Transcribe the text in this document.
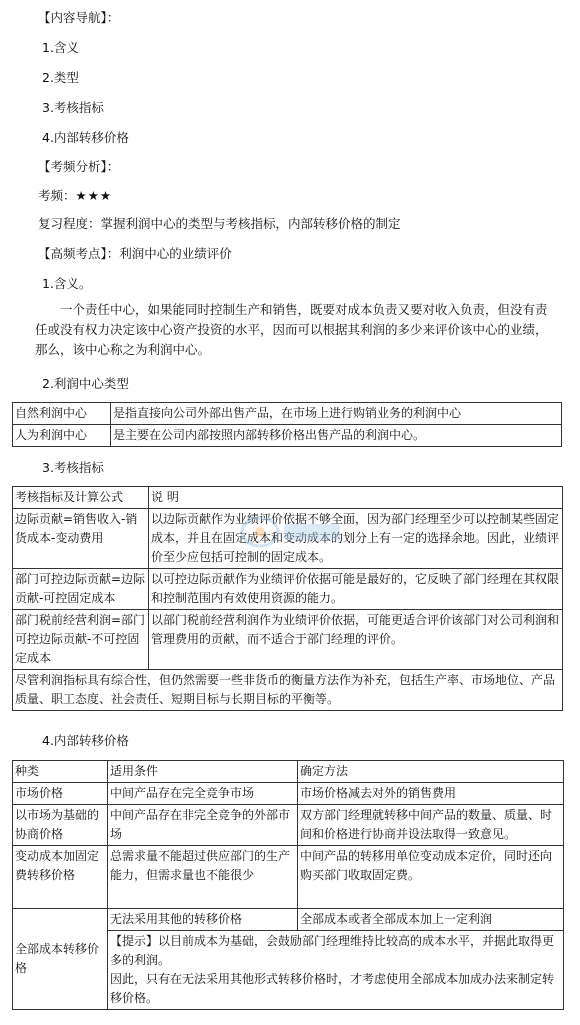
【内容导航】：
1.含义
2.类型
3.考核指标
4.内部转移价格
【考频分析】：
考频：★★★
复习程度：掌握利润中心的类型与考核指标，内部转移价格的制定
【高频考点】：利润中心的业绩评价
1.含义。
一个责任中心，如果能同时控制生产和销售，既要对成本负责又要对收入负责，但没有责任或没有权力决定该中心资产投资的水平，因而可以根据其利润的多少来评价该中心的业绩，那么，该中心称之为利润中心。
2.利润中心类型
自然利润中心	是指直接向公司外部出售产品，在市场上进行购销业务的利润中心
人为利润中心	是主要在公司内部按照内部转移价格出售产品的利润中心。
3.考核指标
考核指标及计算公式	说 明
边际贡献=销售收入-销货成本-变动费用	以边际贡献作为业绩评价依据不够全面，因为部门经理至少可以控制某些固定成本，并且在固定成本和变动成本的划分上有一定的选择余地。因此，业绩评价至少应包括可控制的固定成本。
部门可控边际贡献=边际贡献-可控固定成本	以可控边际贡献作为业绩评价依据可能是最好的，它反映了部门经理在其权限和控制范围内有效使用资源的能力。
部门税前经营利润=部门可控边际贡献-不可控固定成本	以部门税前经营利润作为业绩评价依据，可能更适合评价该部门对公司利润和管理费用的贡献，而不适合于部门经理的评价。
尽管利润指标具有综合性，但仍然需要一些非货币的衡量方法作为补充，包括生产率、市场地位、产品质量、职工态度、社会责任、短期目标与长期目标的平衡等。	
4.内部转移价格
种类	适用条件	确定方法
市场价格	中间产品存在完全竞争市场	市场价格减去对外的销售费用
以市场为基础的协商价格	中间产品存在非完全竞争的外部市场	双方部门经理就转移中间产品的数量、质量、时间和价格进行协商并设法取得一致意见。
变动成本加固定费转移价格	总需求量不能超过供应部门的生产能力，但需求量也不能很少	中间产品的转移用单位变动成本定价，同时还向购买部门收取固定费。
全部成本转移价格	无法采用其他的转移价格	全部成本或者全部成本加上一定利润

	【提示】以目前成本为基础，会鼓励部门经理维持比较高的成本水平，并据此取得更多的利润。
因此，只有在无法采用其他形式转移价格时，才考虑使用全部成本加成办法来制定转移价格。	
